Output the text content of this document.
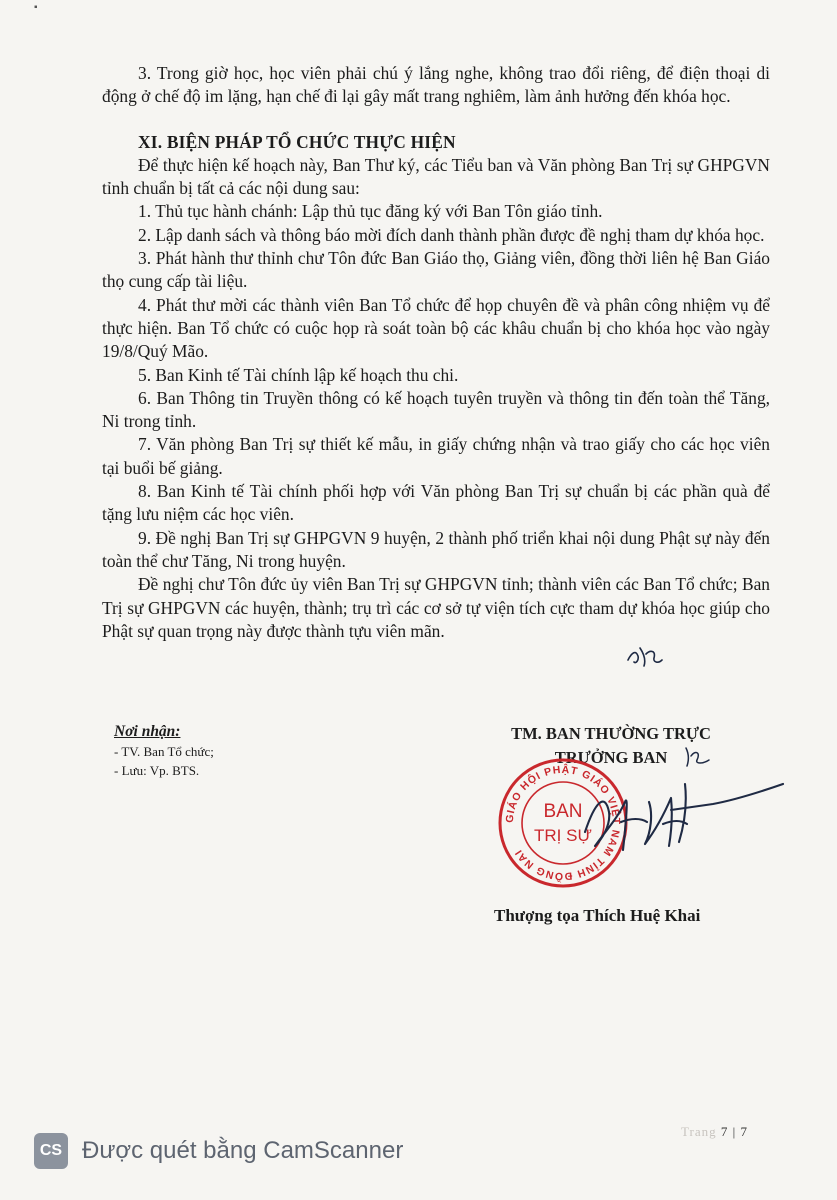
▪

3. Trong giờ học, học viên phải chú ý lắng nghe, không trao đổi riêng, để điện thoại di động ở chế độ im lặng, hạn chế đi lại gây mất trang nghiêm, làm ảnh hưởng đến khóa học.

XI. BIỆN PHÁP TỔ CHỨC THỰC HIỆN

Để thực hiện kế hoạch này, Ban Thư ký, các Tiểu ban và Văn phòng Ban Trị sự GHPGVN tỉnh chuẩn bị tất cả các nội dung sau:

1. Thủ tục hành chánh: Lập thủ tục đăng ký với Ban Tôn giáo tỉnh.

2. Lập danh sách và thông báo mời đích danh thành phần được đề nghị tham dự khóa học.

3. Phát hành thư thỉnh chư Tôn đức Ban Giáo thọ, Giảng viên, đồng thời liên hệ Ban Giáo thọ cung cấp tài liệu.

4. Phát thư mời các thành viên Ban Tổ chức để họp chuyên đề và phân công nhiệm vụ để thực hiện. Ban Tổ chức có cuộc họp rà soát toàn bộ các khâu chuẩn bị cho khóa học vào ngày 19/8/Quý Mão.

5. Ban Kinh tế Tài chính lập kế hoạch thu chi.

6. Ban Thông tin Truyền thông có kế hoạch tuyên truyền và thông tin đến toàn thể Tăng, Ni trong tỉnh.

7. Văn phòng Ban Trị sự thiết kế mẫu, in giấy chứng nhận và trao giấy cho các học viên tại buổi bế giảng.

8. Ban Kinh tế Tài chính phối hợp với Văn phòng Ban Trị sự chuẩn bị các phần quà để tặng lưu niệm các học viên.

9. Đề nghị Ban Trị sự GHPGVN 9 huyện, 2 thành phố triển khai nội dung Phật sự này đến toàn thể chư Tăng, Ni trong huyện.

Đề nghị chư Tôn đức ủy viên Ban Trị sự GHPGVN tỉnh; thành viên các Ban Tổ chức; Ban Trị sự GHPGVN các huyện, thành; trụ trì các cơ sở tự viện tích cực tham dự khóa học giúp cho Phật sự quan trọng này được thành tựu viên mãn.

Nơi nhận:
- TV. Ban Tổ chức;
- Lưu: Vp. BTS.
TM. BAN THƯỜNG TRỰC
TRƯỞNG BAN
GIÁO HỘI PHẬT GIÁO VIỆT NAM TỈNH ĐỒNG NAI
BAN
TRỊ SỰ
Thượng tọa Thích Huệ Khai
Trang 7 | 7
CS Được quét bằng CamScanner
